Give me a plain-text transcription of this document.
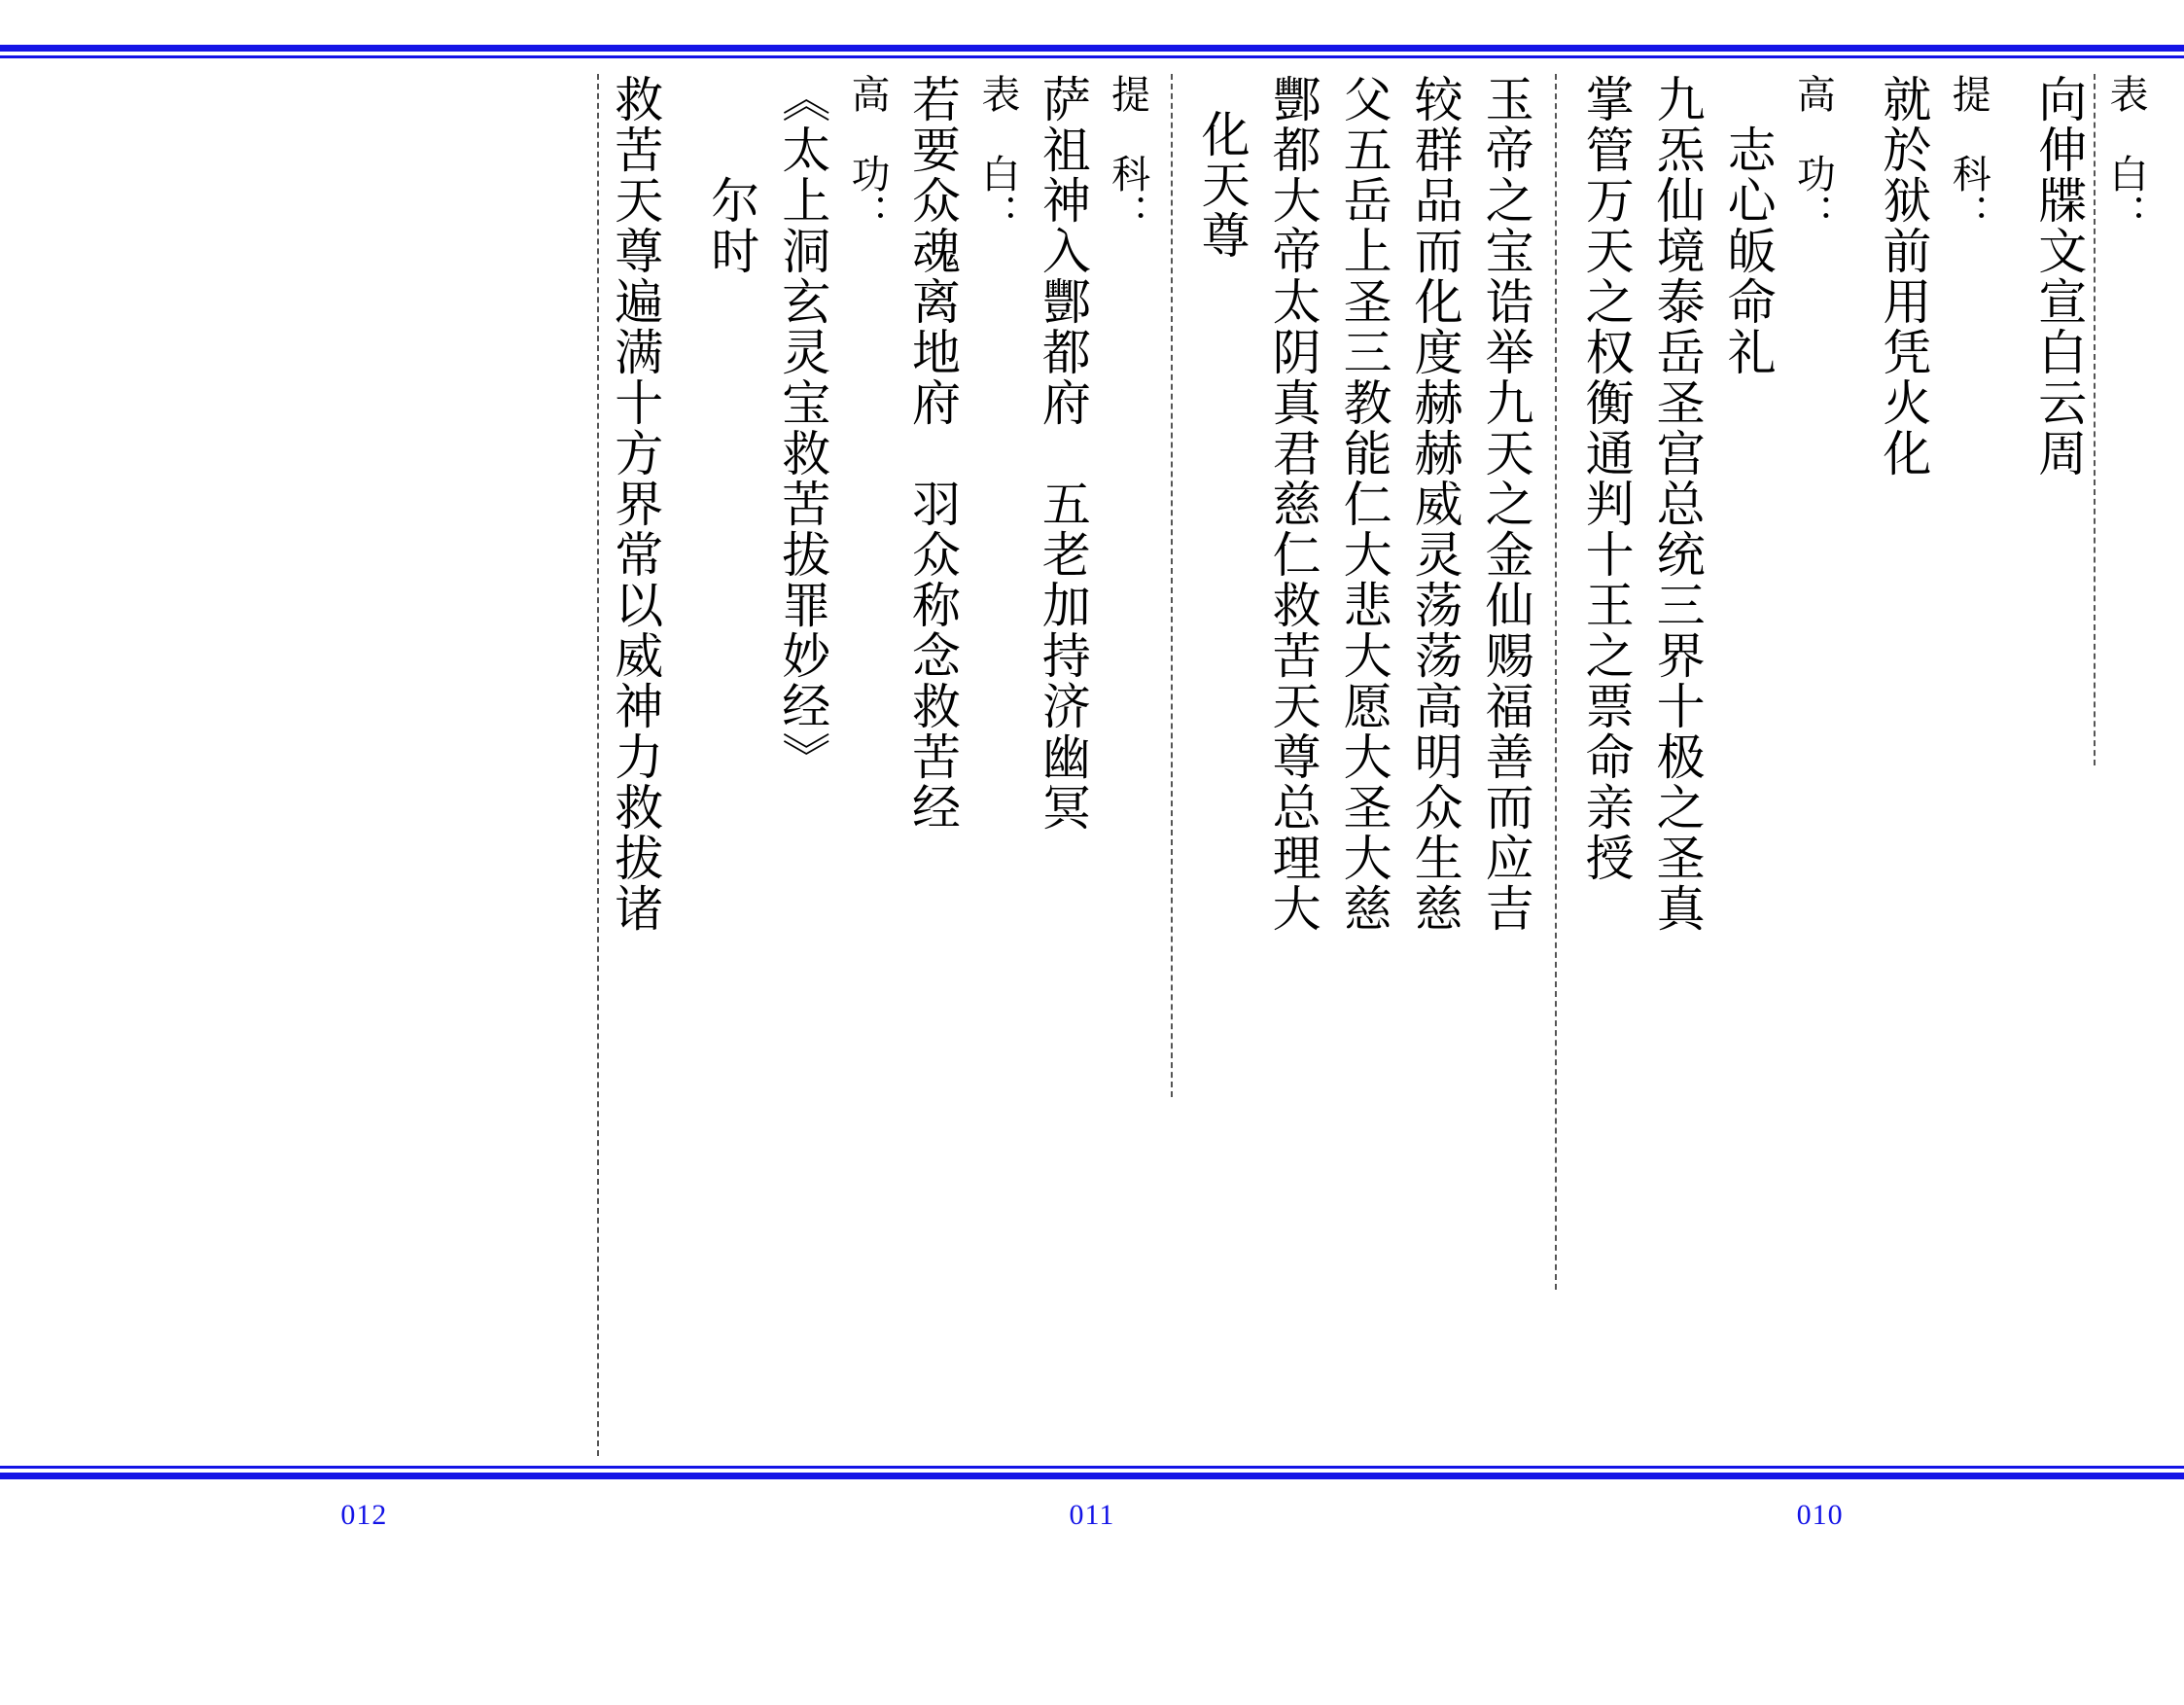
表　白：
向伸牒文宣白云周
提　科：
就於狱前用凭火化
高　功：
　志心皈命礼
九炁仙境泰岳圣宫总统三界十极之圣真
掌管万天之权衡通判十王之票命亲授
玉帝之宝诰举九天之金仙赐福善而应吉
较群品而化度赫赫威灵荡荡高明众生慈
父五岳上圣三教能仁大悲大愿大圣大慈
酆都大帝太阴真君慈仁救苦天尊总理大
化天尊
提　科：
萨祖神入酆都府　五老加持济幽冥
表　白：
若要众魂离地府　羽众称念救苦经
高　功：
《太上洞玄灵宝救苦拔罪妙经》
　　尔时
救苦天尊遍满十方界常以威神力救拔诸
010
011
012
